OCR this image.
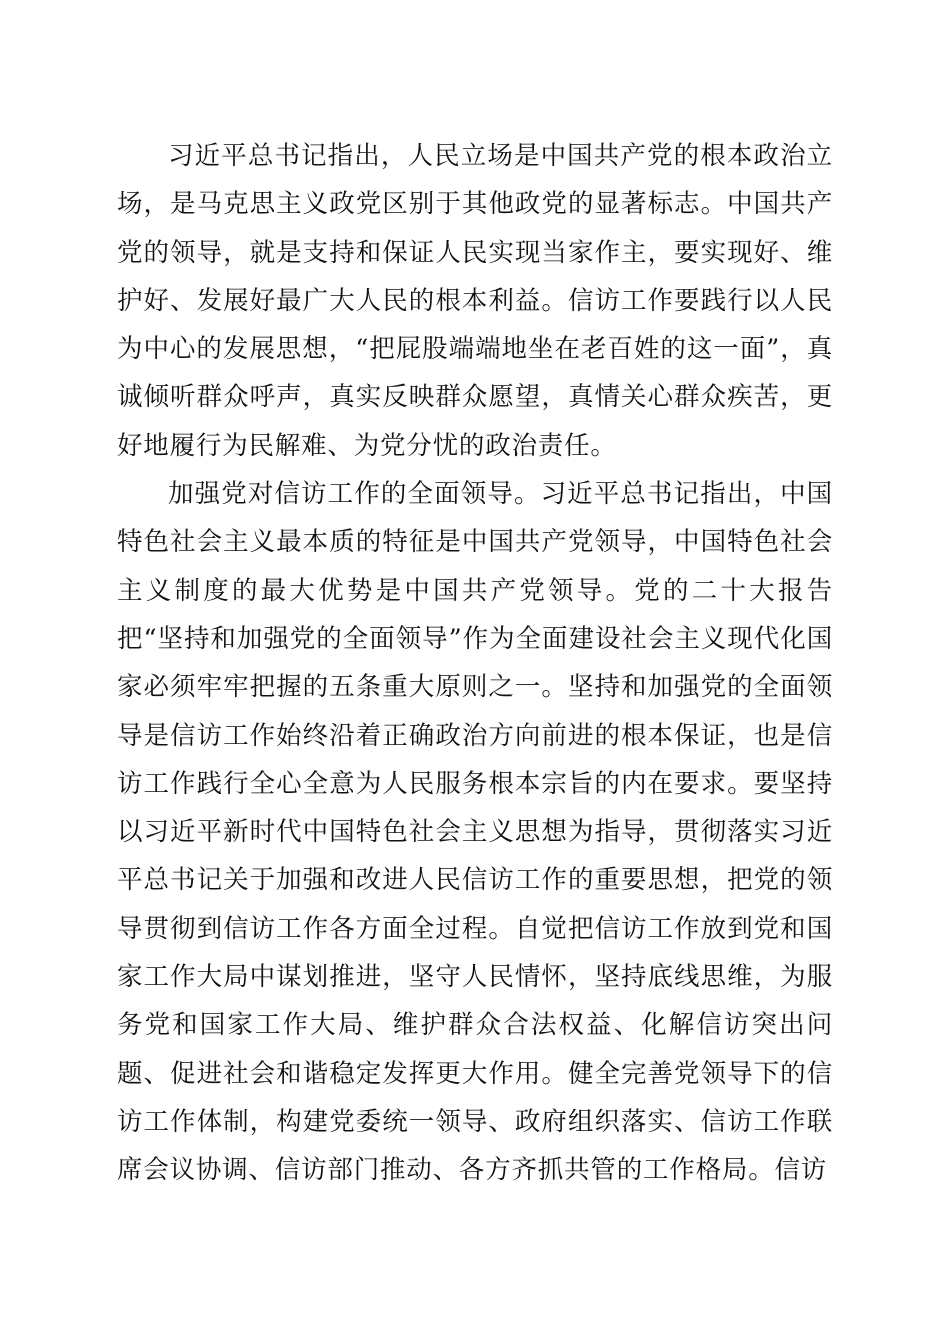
习近平总书记指出，人民立场是中国共产党的根本政治立场，是马克思主义政党区别于其他政党的显著标志。中国共产党的领导，就是支持和保证人民实现当家作主，要实现好、维护好、发展好最广大人民的根本利益。信访工作要践行以人民为中心的发展思想，“把屁股端端地坐在老百姓的这一面”，真诚倾听群众呼声，真实反映群众愿望，真情关心群众疾苦，更好地履行为民解难、为党分忧的政治责任。

加强党对信访工作的全面领导。习近平总书记指出，中国特色社会主义最本质的特征是中国共产党领导，中国特色社会主义制度的最大优势是中国共产党领导。党的二十大报告把“坚持和加强党的全面领导”作为全面建设社会主义现代化国家必须牢牢把握的五条重大原则之一。坚持和加强党的全面领导是信访工作始终沿着正确政治方向前进的根本保证，也是信访工作践行全心全意为人民服务根本宗旨的内在要求。要坚持以习近平新时代中国特色社会主义思想为指导，贯彻落实习近平总书记关于加强和改进人民信访工作的重要思想，把党的领导贯彻到信访工作各方面全过程。自觉把信访工作放到党和国家工作大局中谋划推进，坚守人民情怀，坚持底线思维，为服务党和国家工作大局、维护群众合法权益、化解信访突出问题、促进社会和谐稳定发挥更大作用。健全完善党领导下的信访工作体制，构建党委统一领导、政府组织落实、信访工作联席会议协调、信访部门推动、各方齐抓共管的工作格局。信访
